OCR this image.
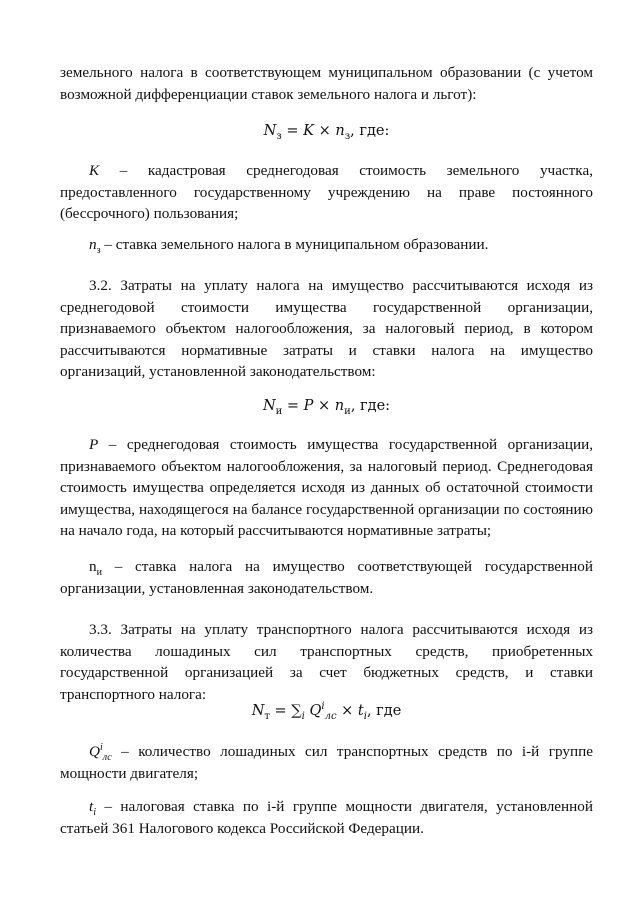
земельного налога в соответствующем муниципальном образовании (с учетом возможной дифференциации ставок земельного налога и льгот):

$N_з = K \times n_з$, где:

K – кадастровая среднегодовая стоимость земельного участка, предоставленного государственному учреждению на праве постоянного (бессрочного) пользования;

$n_з$ – ставка земельного налога в муниципальном образовании.

3.2. Затраты на уплату налога на имущество рассчитываются исходя из среднегодовой стоимости имущества государственной организации, признаваемого объектом налогообложения, за налоговый период, в котором рассчитываются нормативные затраты и ставки налога на имущество организаций, установленной законодательством:

$N_и = P \times n_и$, где:

P – среднегодовая стоимость имущества государственной организации, признаваемого объектом налогообложения, за налоговый период. Среднегодовая стоимость имущества определяется исходя из данных об остаточной стоимости имущества, находящегося на балансе государственной организации по состоянию на начало года, на который рассчитываются нормативные затраты;

$n_и$ – ставка налога на имущество соответствующей государственной организации, установленная законодательством.

3.3. Затраты на уплату транспортного налога рассчитываются исходя из количества лошадиных сил транспортных средств, приобретенных государственной организацией за счет бюджетных средств, и ставки транспортного налога:

$N_т = \sum_i$ $Q^i_{лс} \times t_i$, где

$Q^i_{лс}$ – количество лошадиных сил транспортных средств по i-й группе мощности двигателя;

$t_i$ – налоговая ставка по i-й группе мощности двигателя, установленной статьей 361 Налогового кодекса Российской Федерации.
